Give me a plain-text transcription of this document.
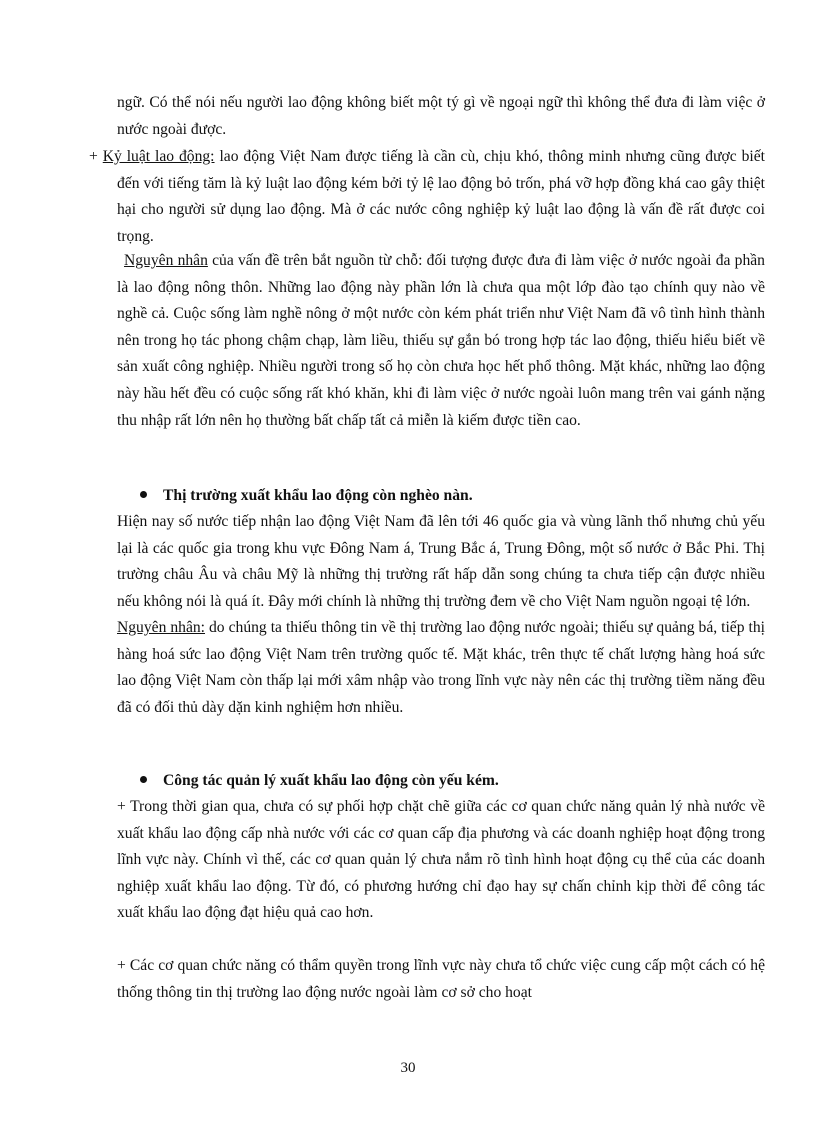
ngữ. Có thể nói nếu người lao động không biết một tý gì về ngoại ngữ thì không thể đưa đi làm việc ở nước ngoài được.

+ Kỷ luật lao động: lao động Việt Nam được tiếng là cần cù, chịu khó, thông minh nhưng cũng được biết đến với tiếng tăm là kỷ luật lao động kém bởi tỷ lệ lao động bỏ trốn, phá vỡ hợp đồng khá cao gây thiệt hại cho người sử dụng lao động. Mà ở các nước công nghiệp kỷ luật lao động là vấn đề rất được coi trọng.

Nguyên nhân của vấn đề trên bắt nguồn từ chỗ: đối tượng được đưa đi làm việc ở nước ngoài đa phần là lao động nông thôn. Những lao động này phần lớn là chưa qua một lớp đào tạo chính quy nào về nghề cả. Cuộc sống làm nghề nông ở một nước còn kém phát triển như Việt Nam đã vô tình hình thành nên trong họ tác phong chậm chạp, làm liều, thiếu sự gắn bó trong hợp tác lao động, thiếu hiểu biết về sản xuất công nghiệp. Nhiều người trong số họ còn chưa học hết phổ thông. Mặt khác, những lao động này hầu hết đều có cuộc sống rất khó khăn, khi đi làm việc ở nước ngoài luôn mang trên vai gánh nặng thu nhập rất lớn nên họ thường bất chấp tất cả miễn là kiếm được tiền cao.

Thị trường xuất khẩu lao động còn nghèo nàn.

Hiện nay số nước tiếp nhận lao động Việt Nam đã lên tới 46 quốc gia và vùng lãnh thổ nhưng chủ yếu lại là các quốc gia trong khu vực Đông Nam á, Trung Bắc á, Trung Đông, một số nước ở Bắc Phi. Thị trường châu Âu và châu Mỹ là những thị trường rất hấp dẫn song chúng ta chưa tiếp cận được nhiều nếu không nói là quá ít. Đây mới chính là những thị trường đem về cho Việt Nam nguồn ngoại tệ lớn.

Nguyên nhân: do chúng ta thiếu thông tin về thị trường lao động nước ngoài; thiếu sự quảng bá, tiếp thị hàng hoá sức lao động Việt Nam trên trường quốc tế. Mặt khác, trên thực tế chất lượng hàng hoá sức lao động Việt Nam còn thấp lại mới xâm nhập vào trong lĩnh vực này nên các thị trường tiềm năng đều đã có đối thủ dày dặn kinh nghiệm hơn nhiều.

Công tác quản lý xuất khẩu lao động còn yếu kém.

+ Trong thời gian qua, chưa có sự phối hợp chặt chẽ giữa các cơ quan chức năng quản lý nhà nước về xuất khẩu lao động cấp nhà nước với các cơ quan cấp địa phương và các doanh nghiệp hoạt động trong lĩnh vực này. Chính vì thế, các cơ quan quản lý chưa nắm rõ tình hình hoạt động cụ thể của các doanh nghiệp xuất khẩu lao động. Từ đó, có phương hướng chỉ đạo hay sự chấn chỉnh kịp thời để công tác xuất khẩu lao động đạt hiệu quả cao hơn.

+ Các cơ quan chức năng có thẩm quyền trong lĩnh vực này chưa tổ chức việc cung cấp một cách có hệ thống thông tin thị trường lao động nước ngoài làm cơ sở cho hoạt

30
